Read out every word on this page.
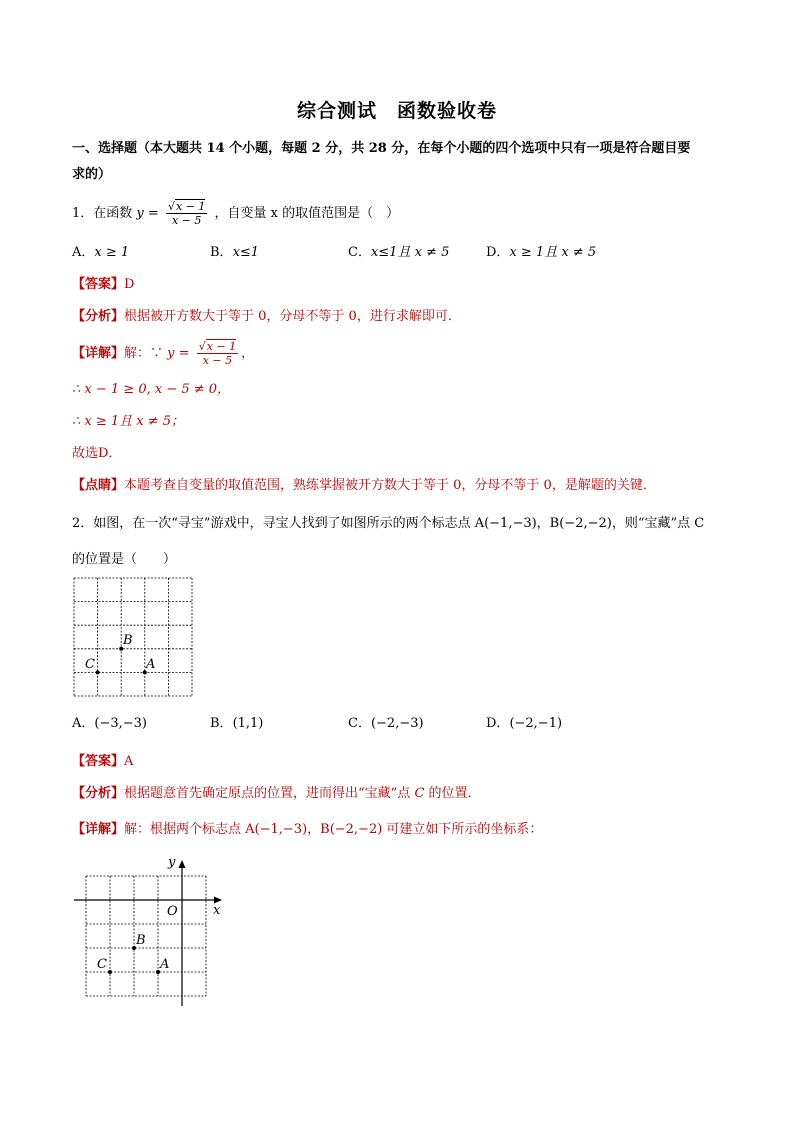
综合测试　函数验收卷
一、选择题（本大题共 14 个小题，每题 2 分，共 28 分，在每个小题的四个选项中只有一项是符合题目要
求的）
1．在函数 $y = \frac{√x - 1}{x - 5}$ ，自变量 x 的取值范围是（　）
A．x ≥ 1	B．x≤1	C．x≤1且 x ≠ 5	D．x ≥ 1且 x ≠ 5
【答案】D
【分析】根据被开方数大于等于 0，分母不等于 0，进行求解即可．
【详解】解：∵ $y = \frac{√x - 1}{x - 5}$ ，
∴ x − 1 ≥ 0, x − 5 ≠ 0，
∴ x ≥ 1且 x ≠ 5；
故选D．
【点睛】本题考查自变量的取值范围，熟练掌握被开方数大于等于 0，分母不等于 0，是解题的关键．
2．如图，在一次“寻宝”游戏中，寻宝人找到了如图所示的两个标志点 A(−1,−3)，B(−2,−2)，则“宝藏”点 C
的位置是（　　）
B
C	A
A．(−3,−3)	B．(1,1)	C．(−2,−3)	D．(−2,−1)
【答案】A
【分析】根据题意首先确定原点的位置，进而得出“宝藏”点 C 的位置．
【详解】解：根据两个标志点 A(−1,−3)，B(−2,−2) 可建立如下所示的坐标系：
y
x
O
B
C	A
